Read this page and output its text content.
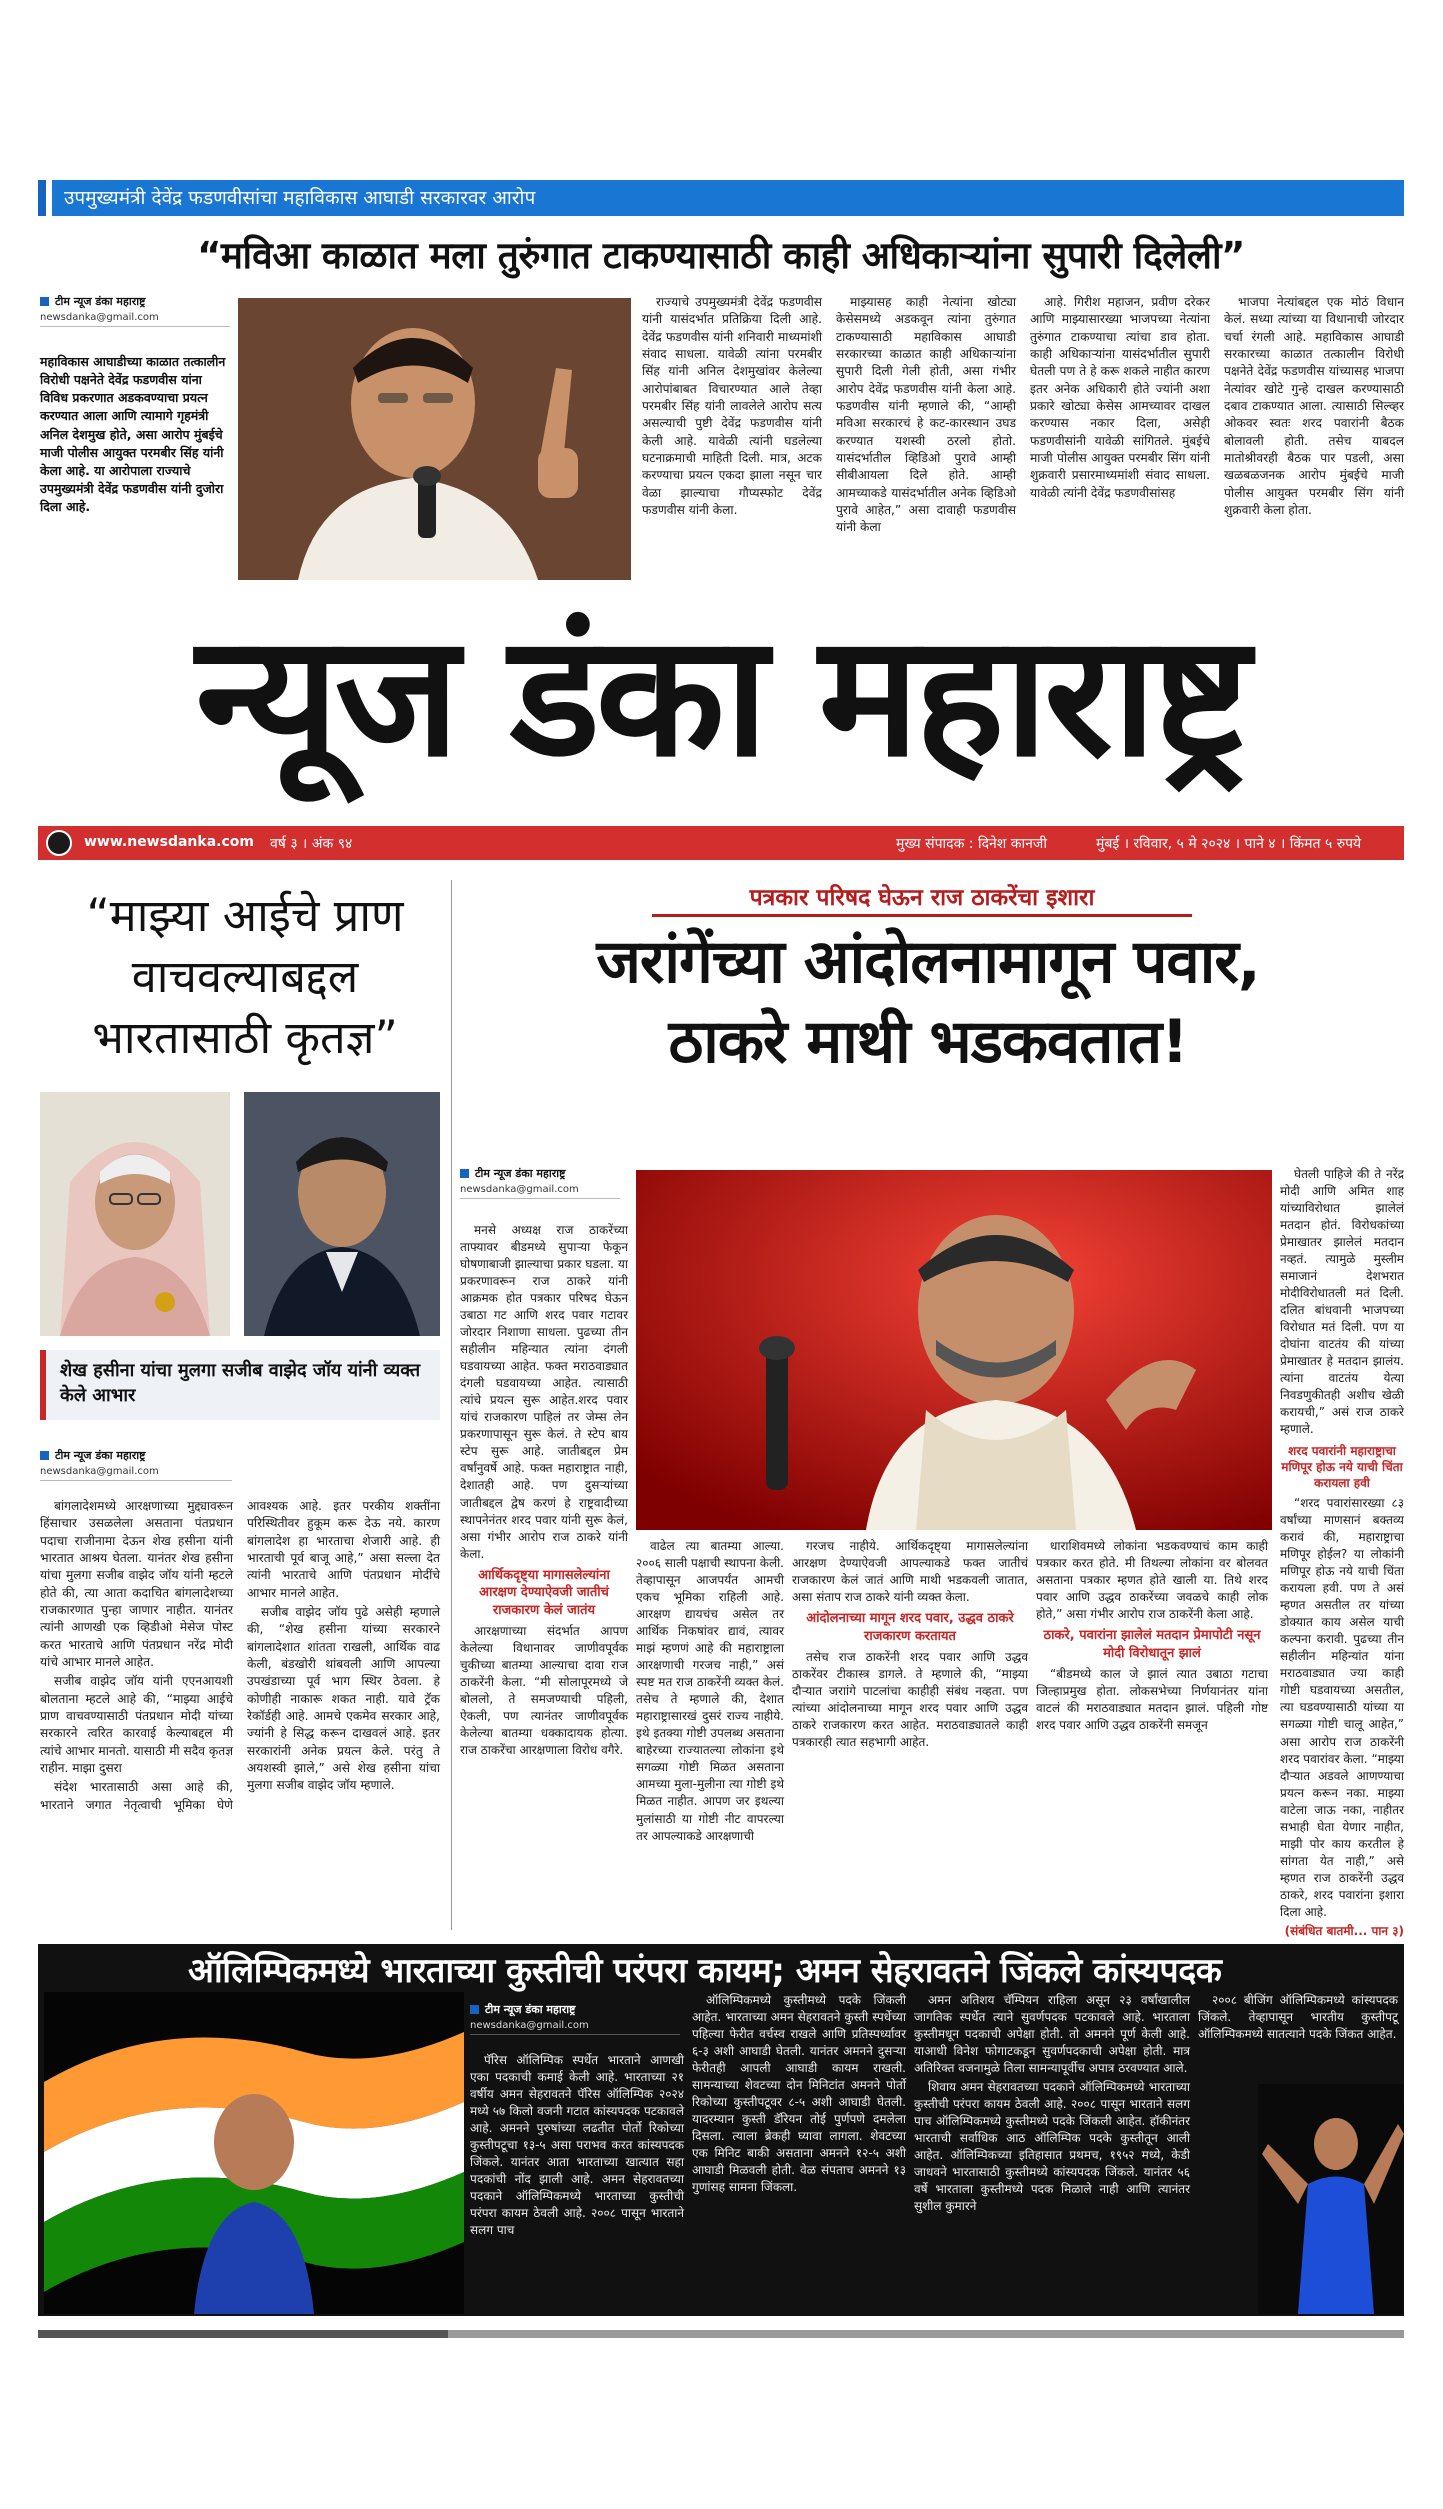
उपमुख्यमंत्री देवेंद्र फडणवीसांचा महाविकास आघाडी सरकारवर आरोप
“मविआ काळात मला तुरुंगात टाकण्यासाठी काही अधिकाऱ्यांना सुपारी दिलेली”
टीम न्यूज डंका महाराष्ट्र
newsdanka@gmail.com

महाविकास आघाडीच्या काळात तत्कालीन विरोधी पक्षनेते देवेंद्र फडणवीस यांना विविध प्रकरणात अडकवण्याचा प्रयत्न करण्यात आला आणि त्यामागे गृहमंत्री अनिल देशमुख होते, असा आरोप मुंबईचे माजी पोलीस आयुक्त परमबीर सिंह यांनी केला आहे. या आरोपाला राज्याचे उपमुख्यमंत्री देवेंद्र फडणवीस यांनी दुजोरा दिला आहे.

राज्याचे उपमुख्यमंत्री देवेंद्र फडणवीस यांनी यासंदर्भात प्रतिक्रिया दिली आहे. देवेंद्र फडणवीस यांनी शनिवारी माध्यमांशी संवाद साधला. यावेळी त्यांना परमबीर सिंह यांनी अनिल देशमुखांवर केलेल्या आरोपांबाबत विचारण्यात आले तेव्हा परमबीर सिंह यांनी लावलेले आरोप सत्य असल्याची पुष्टी देवेंद्र फडणवीस यांनी केली आहे. यावेळी त्यांनी घडलेल्या घटनाक्रमाची माहिती दिली. मात्र, अटक करण्याचा प्रयत्न एकदा झाला नसून चार वेळा झाल्याचा गौप्यस्फोट देवेंद्र फडणवीस यांनी केला.

माझ्यासह काही नेत्यांना खोट्या केसेसमध्ये अडकवून त्यांना तुरुंगात टाकण्यासाठी महाविकास आघाडी सरकारच्या काळात काही अधिकाऱ्यांना सुपारी दिली गेली होती, असा गंभीर आरोप देवेंद्र फडणवीस यांनी केला आहे. फडणवीस यांनी म्हणाले की, “आम्ही मविआ सरकारचं हे कट-कारस्थान उघड करण्यात यशस्वी ठरलो होतो. यासंदर्भातील व्हिडिओ पुरावे आम्ही सीबीआयला दिले होते. आम्ही आमच्याकडे यासंदर्भातील अनेक व्हिडिओ पुरावे आहेत,” असा दावाही फडणवीस यांनी केला

आहे. गिरीश महाजन, प्रवीण दरेकर आणि माझ्यासारख्या भाजपच्या नेत्यांना तुरुंगात टाकण्याचा त्यांचा डाव होता. काही अधिकाऱ्यांना यासंदर्भातील सुपारी घेतली पण ते हे करू शकले नाहीत कारण इतर अनेक अधिकारी होते ज्यांनी अशा प्रकारे खोट्या केसेस आमच्यावर दाखल करण्यास नकार दिला, असेही फडणवीसांनी यावेळी सांगितले. मुंबईचे माजी पोलीस आयुक्त परमबीर सिंग यांनी शुक्रवारी प्रसारमाध्यमांशी संवाद साधला. यावेळी त्यांनी देवेंद्र फडणवीसांसह

भाजपा नेत्यांबद्दल एक मोठं विधान केलं. सध्या त्यांच्या या विधानाची जोरदार चर्चा रंगली आहे. महाविकास आघाडी सरकारच्या काळात तत्कालीन विरोधी पक्षनेते देवेंद्र फडणवीस यांच्यासह भाजपा नेत्यांवर खोटे गुन्हे दाखल करण्यासाठी दबाव टाकण्यात आला. त्यासाठी सिल्व्हर ओकवर स्वतः शरद पवारांनी बैठक बोलावली होती. तसेच याबदल मातोश्रीवरही बैठक पार पडली, असा खळबळजनक आरोप मुंबईचे माजी पोलीस आयुक्त परमबीर सिंग यांनी शुक्रवारी केला होता.

न्यूज डंका महाराष्ट्र
www.newsdanka.com वर्ष ३ । अंक ९४	मुख्य संपादक : दिनेश कानजी	मुंबई । रविवार, ५ मे २०२४ । पाने ४ । किंमत ५ रुपये
“माझ्या आईचे प्राण वाचवल्याबद्दल भारतासाठी कृतज्ञ”
शेख हसीना यांचा मुलगा सजीब वाझेद जॉय यांनी व्यक्त केले आभार
टीम न्यूज डंका महाराष्ट्र
newsdanka@gmail.com

बांगलादेशमध्ये आरक्षणाच्या मुद्द्यावरून हिंसाचार उसळलेला असताना पंतप्रधान पदाचा राजीनामा देऊन शेख हसीना यांनी भारतात आश्रय घेतला. यानंतर शेख हसीना यांचा मुलगा सजीब वाझेद जॉय यांनी म्हटले होते की, त्या आता कदाचित बांगलादेशच्या राजकारणात पुन्हा जाणार नाहीत. यानंतर त्यांनी आणखी एक व्हिडीओ मेसेज पोस्ट करत भारताचे आणि पंतप्रधान नरेंद्र मोदी यांचे आभार मानले आहेत.

सजीब वाझेद जॉय यांनी एएनआयशी बोलताना म्हटले आहे की, “माझ्या आईचे प्राण वाचवण्यासाठी पंतप्रधान मोदी यांच्या सरकारने त्वरित कारवाई केल्याबद्दल मी त्यांचे आभार मानतो. यासाठी मी सदैव कृतज्ञ राहीन. माझा दुसरा

संदेश भारतासाठी असा आहे की, भारताने जगात नेतृत्वाची भूमिका घेणे आवश्यक आहे. इतर परकीय शक्तींना परिस्थितीवर हुकूम करू देऊ नये. कारण बांगलादेश हा भारताचा शेजारी आहे. ही भारताची पूर्व बाजू आहे,” असा सल्ला देत त्यांनी भारताचे आणि पंतप्रधान मोदींचे आभार मानले आहेत.

सजीब वाझेद जॉय पुढे असेही म्हणाले की, “शेख हसीना यांच्या सरकारने बांगलादेशात शांतता राखली, आर्थिक वाढ केली, बंडखोरी थांबवली आणि आपल्या उपखंडाच्या पूर्व भाग स्थिर ठेवला. हे कोणीही नाकारू शकत नाही. यावे ट्रॅक रेकॉर्डही आहे. आमचे एकमेव सरकार आहे, ज्यांनी हे सिद्ध करून दाखवलं आहे. इतर सरकारांनी अनेक प्रयत्न केले. परंतु ते अयशस्वी झाले,” असे शेख हसीना यांचा मुलगा सजीब वाझेद जॉय म्हणाले.

पत्रकार परिषद घेऊन राज ठाकरेंचा इशारा
जरांगेंच्या आंदोलनामागून पवार,
ठाकरे माथी भडकवतात!
टीम न्यूज डंका महाराष्ट्र
newsdanka@gmail.com

मनसे अध्यक्ष राज ठाकरेंच्या ताफ्यावर बीडमध्ये सुपाऱ्या फेकून घोषणाबाजी झाल्याचा प्रकार घडला. या प्रकरणावरून राज ठाकरे यांनी आक्रमक होत पत्रकार परिषद घेऊन उबाठा गट आणि शरद पवार गटावर जोरदार निशाणा साधला. पुढच्या तीन सहीलीन महिन्यात त्यांना दंगली घडवायच्या आहेत. फक्त मराठवाड्यात दंगली घडवायच्या आहेत. त्यासाठी त्यांचे प्रयत्न सुरू आहेत.शरद पवार यांचं राजकारण पाहिलं तर जेम्स लेन प्रकरणापासून सुरू केलं. ते स्टेप बाय स्टेप सुरू आहे. जातीबद्दल प्रेम वर्षांनुवर्षे आहे. फक्त महाराष्ट्रात नाही, देशातही आहे. पण दुसऱ्यांच्या जातीबद्दल द्वेष करणं हे राष्ट्रवादीच्या स्थापनेनंतर शरद पवार यांनी सुरू केलं, असा गंभीर आरोप राज ठाकरे यांनी केला.

आर्थिकदृष्ट्या मागासलेल्यांना आरक्षण देण्याऐवजी जातीचं राजकारण केलं जातंय

आरक्षणाच्या संदर्भात आपण केलेल्या विधानावर जाणीवपूर्वक चुकीच्या बातम्या आल्याचा दावा राज ठाकरेंनी केला. “मी सोलापूरमध्ये जे बोललो, ते समजण्याची पहिली, ऐकली, पण त्यानंतर जाणीवपूर्वक केलेल्या बातम्या धक्कादायक होत्या. राज ठाकरेंचा आरक्षणाला विरोध वगैरे.

वाढेल त्या बातम्या आल्या. २००६ साली पक्षाची स्थापना केली. तेव्हापासून आजपर्यंत आमची एकच भूमिका राहिली आहे. आरक्षण द्यायचंच असेल तर आर्थिक निकषांवर द्यावं, त्यावर माझं म्हणणं आहे की महाराष्ट्राला आरक्षणाची गरजच नाही,” असं स्पष्ट मत राज ठाकरेंनी व्यक्त केलं. तसेच ते म्हणाले की, देशात महाराष्ट्रासारखं दुसरं राज्य नाहीये. इथे इतक्या गोष्टी उपलब्ध असताना बाहेरच्या राज्यातल्या लोकांना इथे सगळ्या गोष्टी मिळत असताना आमच्या मुला-मुलीना त्या गोष्टी इथे मिळत नाहीत. आपण जर इथल्या मुलांसाठी या गोष्टी नीट वापरल्या तर आपल्याकडे आरक्षणाची

गरजच नाहीये. आर्थिकदृष्ट्या मागासलेल्यांना आरक्षण देण्याऐवजी आपल्याकडे फक्त जातीचं राजकारण केलं जातं आणि माथी भडकवली जातात, असा संताप राज ठाकरे यांनी व्यक्त केला.

आंदोलनाच्या मागून शरद पवार, उद्धव ठाकरे राजकारण करतायत

तसेच राज ठाकरेंनी शरद पवार आणि उद्धव ठाकरेंवर टीकास्त्र डागले. ते म्हणाले की, “माझ्या दौऱ्यात जराांगे पाटलांचा काहीही संबंध नव्हता. पण त्यांच्या आंदोलनाच्या मागून शरद पवार आणि उद्धव ठाकरे राजकारण करत आहेत. मराठवाड्यातले काही पत्रकारही त्यात सहभागी आहेत.

धाराशिवमध्ये लोकांना भडकवण्याचं काम काही पत्रकार करत होते. मी तिथल्या लोकांना वर बोलवत असताना पत्रकार म्हणत होते खाली या. तिथे शरद पवार आणि उद्धव ठाकरेंच्या जवळचे काही लोक होते,” असा गंभीर आरोप राज ठाकरेंनी केला आहे.

ठाकरे, पवारांना झालेलं मतदान प्रेमापोटी नसून मोदी विरोधातून झालं

“बीडमध्ये काल जे झालं त्यात उबाठा गटाचा जिल्हाप्रमुख होता. लोकसभेच्या निर्णयानंतर यांना वाटलं की मराठवाड्यात मतदान झालं. पहिली गोष्ट शरद पवार आणि उद्धव ठाकरेंनी समजून

घेतली पाहिजे की ते नरेंद्र मोदी आणि अमित शाह यांच्याविरोधात झालेलं मतदान होतं. विरोधकांच्या प्रेमाखातर झालेलं मतदान नव्हतं. त्यामुळे मुस्लीम समाजानं देशभरात मोदीविरोधातली मतं दिली. दलित बांधवानी भाजपच्या विरोधात मतं दिली. पण या दोघांना वाटतंय की यांच्या प्रेमाखातर हे मतदान झालंय. त्यांना वाटतंय येत्या निवडणुकीतही अशीच खेळी करायची,” असं राज ठाकरे म्हणाले.

शरद पवारांनी महाराष्ट्राचा मणिपूर होऊ नये याची चिंता करायला हवी

“शरद पवारांसारख्या ८३ वर्षांच्या माणसानं बक्तव्य करावं की, महाराष्ट्राचा मणिपूर होईल? या लोकांनी मणिपूर होऊ नये याची चिंता करायला हवी. पण ते असं म्हणत असतील तर यांच्या डोक्यात काय असेल याची कल्पना करावी. पुढच्या तीन सहीलीन महिन्यांत यांना मराठवाड्यात ज्या काही गोष्टी घडवायच्या असतील, त्या घडवण्यासाठी यांच्या या सगळ्या गोष्टी चालू आहेत,” असा आरोप राज ठाकरेंनी शरद पवारांवर केला. “माझ्या दौऱ्यात अडवले आणण्याचा प्रयत्न करून नका. माझ्या वाटेला जाऊ नका, नाहीतर सभाही घेता येणार नाहीत, माझी पोर काय करतील हे सांगता येत नाही,” असे म्हणत राज ठाकरेंनी उद्धव ठाकरे, शरद पवारांना इशारा दिला आहे.

(संबंधित बातमी... पान ३)
ऑलिम्पिकमध्ये भारताच्या कुस्तीची परंपरा कायम; अमन सेहरावतने जिंकले कांस्यपदक
टीम न्यूज डंका महाराष्ट्र
newsdanka@gmail.com

पॅरिस ऑलिम्पिक स्पर्धेत भारताने आणखी एका पदकाची कमाई केली आहे. भारताच्या २१ वर्षीय अमन सेहरावतने पॅरिस ऑलिम्पिक २०२४ मध्ये ५७ किलो वजनी गटात कांस्यपदक पटकावले आहे. अमनने पुरुषांच्या लढतीत पोर्तो रिकोच्या कुस्तीपटूचा १३-५ असा पराभव करत कांस्यपदक जिंकले. यानंतर आता भारताच्या खात्यात सहा पदकांची नोंद झाली आहे. अमन सेहरावतच्या पदकाने ऑलिम्पिकमध्ये भारताच्या कुस्तीची परंपरा कायम ठेवली आहे. २००८ पासून भारताने सलग पाच

ऑलिम्पिकमध्ये कुस्तीमध्ये पदके जिंकली आहेत. भारताच्या अमन सेहरावतने कुस्ती स्पर्धेच्या पहिल्या फेरीत वर्चस्व राखले आणि प्रतिस्पर्ध्यावर ६-३ अशी आघाडी घेतली. यानंतर अमनने दुसऱ्या फेरीतही आपली आघाडी कायम राखली. सामन्याच्या शेवटच्या दोन मिनिटांत अमनने पोर्तो रिकोच्या कुस्तीपटूवर ८-५ अशी आघाडी घेतली. यादरम्यान कुस्ती डॅरियन तोई पुर्णपणे दमलेला दिसला. त्याला ब्रेकही घ्यावा लागला. शेवटच्या एक मिनिट बाकी असताना अमनने १२-५ अशी आघाडी मिळवली होती. वेळ संपताच अमनने १३ गुणांसह सामना जिंकला.

अमन अतिशय चॅम्पियन राहिला असून २३ वर्षांखालील जागतिक स्पर्धेत त्याने सुवर्णपदक पटकावले आहे. भारताला कुस्तीमधून पदकाची अपेक्षा होती. तो अमनने पूर्ण केली आहे. याआधी विनेश फोगाटकडून सुवर्णपदकाची अपेक्षा होती. मात्र अतिरिक्त वजनामुळे तिला सामन्यापूर्वीच अपात्र ठरवण्यात आले.

शिवाय अमन सेहरावतच्या पदकाने ऑलिम्पिकमध्ये भारताच्या कुस्तीची परंपरा कायम ठेवली आहे. २००८ पासून भारताने सलग पाच ऑलिम्पिकमध्ये कुस्तीमध्ये पदके जिंकली आहेत. हॉकीनंतर भारताची सर्वाधिक आठ ऑलिम्पिक पदके कुस्तीतून आली आहेत. ऑलिम्पिकच्या इतिहासात प्रथमच, १९५२ मध्ये, केडी जाधवने भारतासाठी कुस्तीमध्ये कांस्यपदक जिंकले. यानंतर ५६ वर्षे भारताला कुस्तीमध्ये पदक मिळाले नाही आणि त्यानंतर सुशील कुमारने

२००८ बीजिंग ऑलिम्पिकमध्ये कांस्यपदक जिंकले. तेव्हापासून भारतीय कुस्तीपटू ऑलिम्पिकमध्ये सातत्याने पदके जिंकत आहेत.
